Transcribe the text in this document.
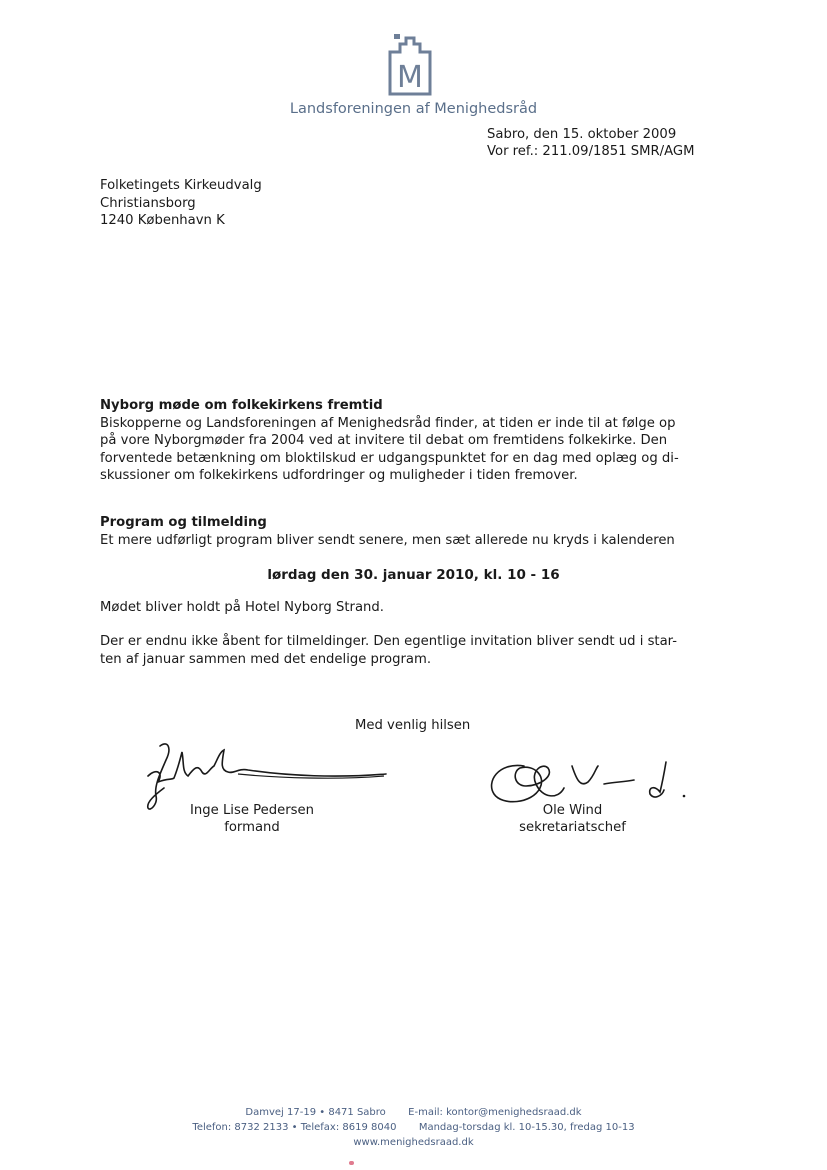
M
Landsforeningen af Menighedsråd
Sabro, den 15. oktober 2009
Vor ref.: 211.09/1851 SMR/AGM
Folketingets Kirkeudvalg
Christiansborg
1240 København K
Nyborg møde om folkekirkens fremtid
Biskopperne og Landsforeningen af Menighedsråd finder, at tiden er inde til at følge op
på vore Nyborgmøder fra 2004 ved at invitere til debat om fremtidens folkekirke. Den
forventede betænkning om bloktilskud er udgangspunktet for en dag med oplæg og di-
skussioner om folkekirkens udfordringer og muligheder i tiden fremover.
Program og tilmelding
Et mere udførligt program bliver sendt senere, men sæt allerede nu kryds i kalenderen
lørdag den 30. januar 2010, kl. 10 - 16
Mødet bliver holdt på Hotel Nyborg Strand.
Der er endnu ikke åbent for tilmeldinger. Den egentlige invitation bliver sendt ud i star-
ten af januar sammen med det endelige program.
Med venlig hilsen
Inge Lise Pedersen
formand
Ole Wind
sekretariatschef
Damvej 17-19 • 8471 Sabro E-mail: kontor@menighedsraad.dk
Telefon: 8732 2133 • Telefax: 8619 8040 Mandag-torsdag kl. 10-15.30, fredag 10-13
www.menighedsraad.dk
